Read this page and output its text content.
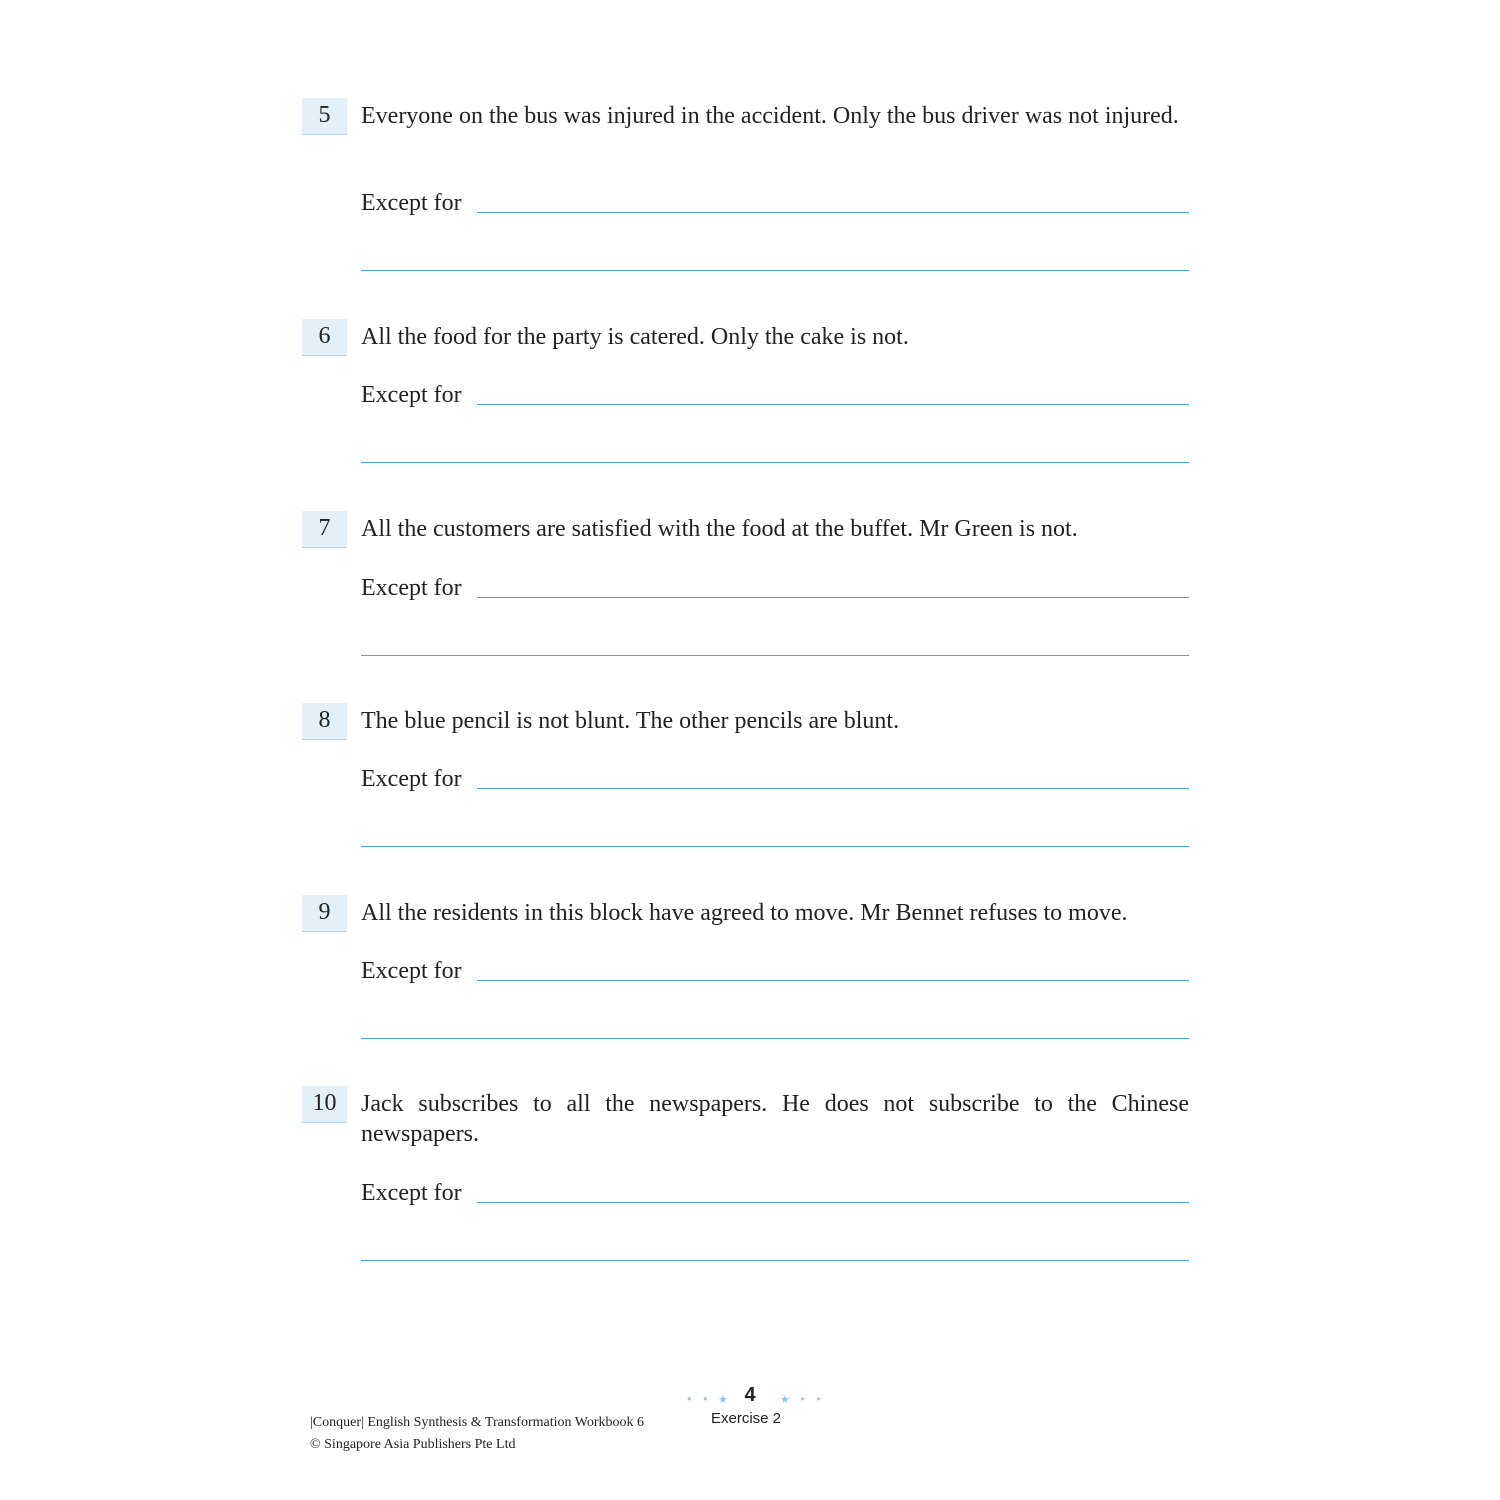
5	Everyone on the bus was injured in the accident. Only the bus driver was not injured.
Except for
6	All the food for the party is catered. Only the cake is not.
Except for
7	All the customers are satisfied with the food at the buffet. Mr Green is not.
Except for
8	The blue pencil is not blunt. The other pencils are blunt.
Except for
9	All the residents in this block have agreed to move. Mr Bennet refuses to move.
Except for
10	Jack subscribes to all the newspapers. He does not subscribe to the Chinese newspapers.
Except for
|Conquer| English Synthesis & Transformation Workbook 6
© Singapore Asia Publishers Pte Ltd
• • ★ 4	★ • •
Exercise 2
